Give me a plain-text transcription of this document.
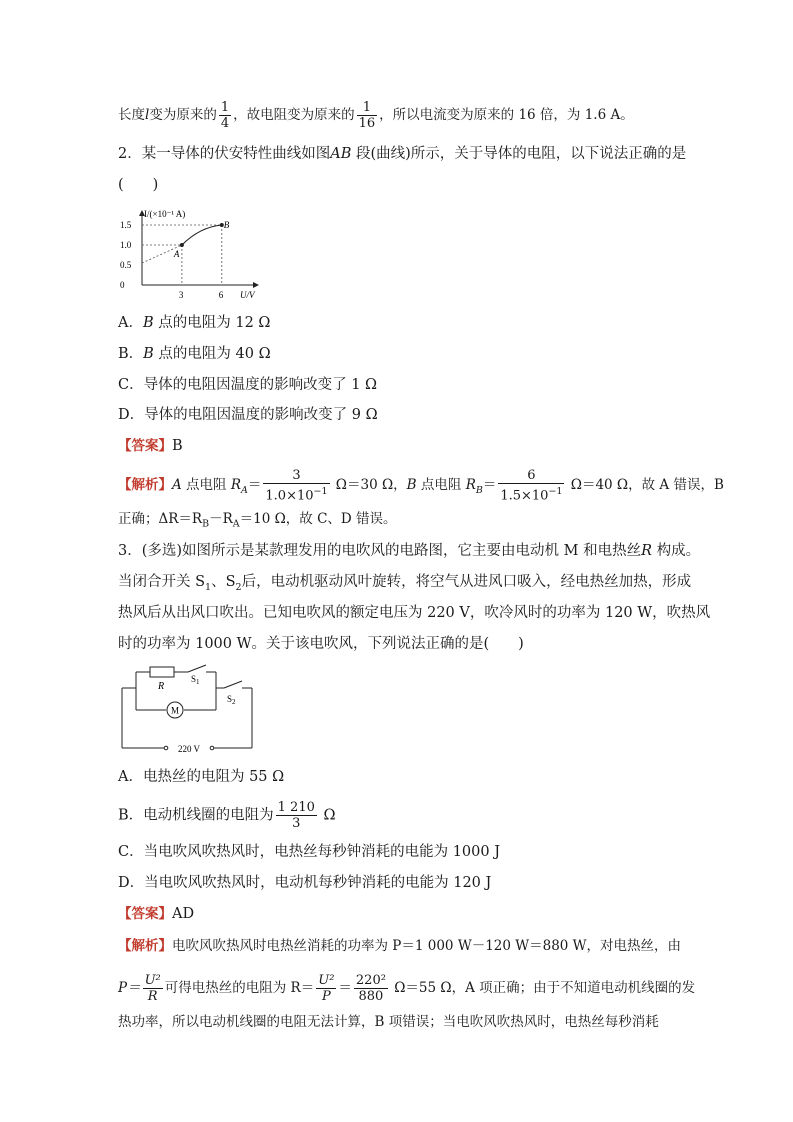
长度l变为原来的 $\frac{1}{4}$ ，故电阻变为原来的 $\frac{1}{16}$ ，所以电流变为原来的 16 倍，为 1.6 A。
2．某一导体的伏安特性曲线如图AB 段(曲线)所示，关于导体的电阻，以下说法正确的是
(　　)
A
B
1.5
1.0
0.5
0
3	6
I/(×10⁻¹ A)
U/V
A．B 点的电阻为 12 Ω
B．B 点的电阻为 40 Ω
C．导体的电阻因温度的影响改变了 1 Ω
D．导体的电阻因温度的影响改变了 9 Ω
【答案】B
【解析】A 点电阻 $R_A= \frac{3}{1.0\times 10^{-1}} \Omega=30$ Ω，B 点电阻 $R_B= \frac{6}{1.5\times 10^{-1}} \Omega=40$ Ω，故 A 错误，B
正确；$\Delta R=R_B-R_A=10$ Ω，故 C、D 错误。
3．(多选)如图所示是某款理发用的电吹风的电路图，它主要由电动机 M 和电热丝R 构成。
当闭合开关 $S_1$、$S_2$后，电动机驱动风叶旋转，将空气从进风口吸入，经电热丝加热，形成
热风后从出风口吹出。已知电吹风的额定电压为 220 V，吹冷风时的功率为 120 W，吹热风
时的功率为 1000 W。关于该电吹风，下列说法正确的是(　　)
R
$S_1$
$S_2$
M
220 V
A．电热丝的电阻为 55 Ω
B．电动机线圈的电阻为 $\frac{1 210}{3}$ Ω
C．当电吹风吹热风时，电热丝每秒钟消耗的电能为 1000 J
D．当电吹风吹热风时，电动机每秒钟消耗的电能为 120 J
【答案】AD
【解析】电吹风吹热风时电热丝消耗的功率为 P＝1 000 W－120 W＝880 W，对电热丝，由
$P= \frac{\text{U²}}{R}$ 可得电热丝的电阻为 $R= \frac{\text{U²}}{P} = \frac{\text{220²}}{880} \Omega=55$ Ω，A 项正确；由于不知道电动机线圈的发
热功率，所以电动机线圈的电阻无法计算，B 项错误；当电吹风吹热风时，电热丝每秒消耗
